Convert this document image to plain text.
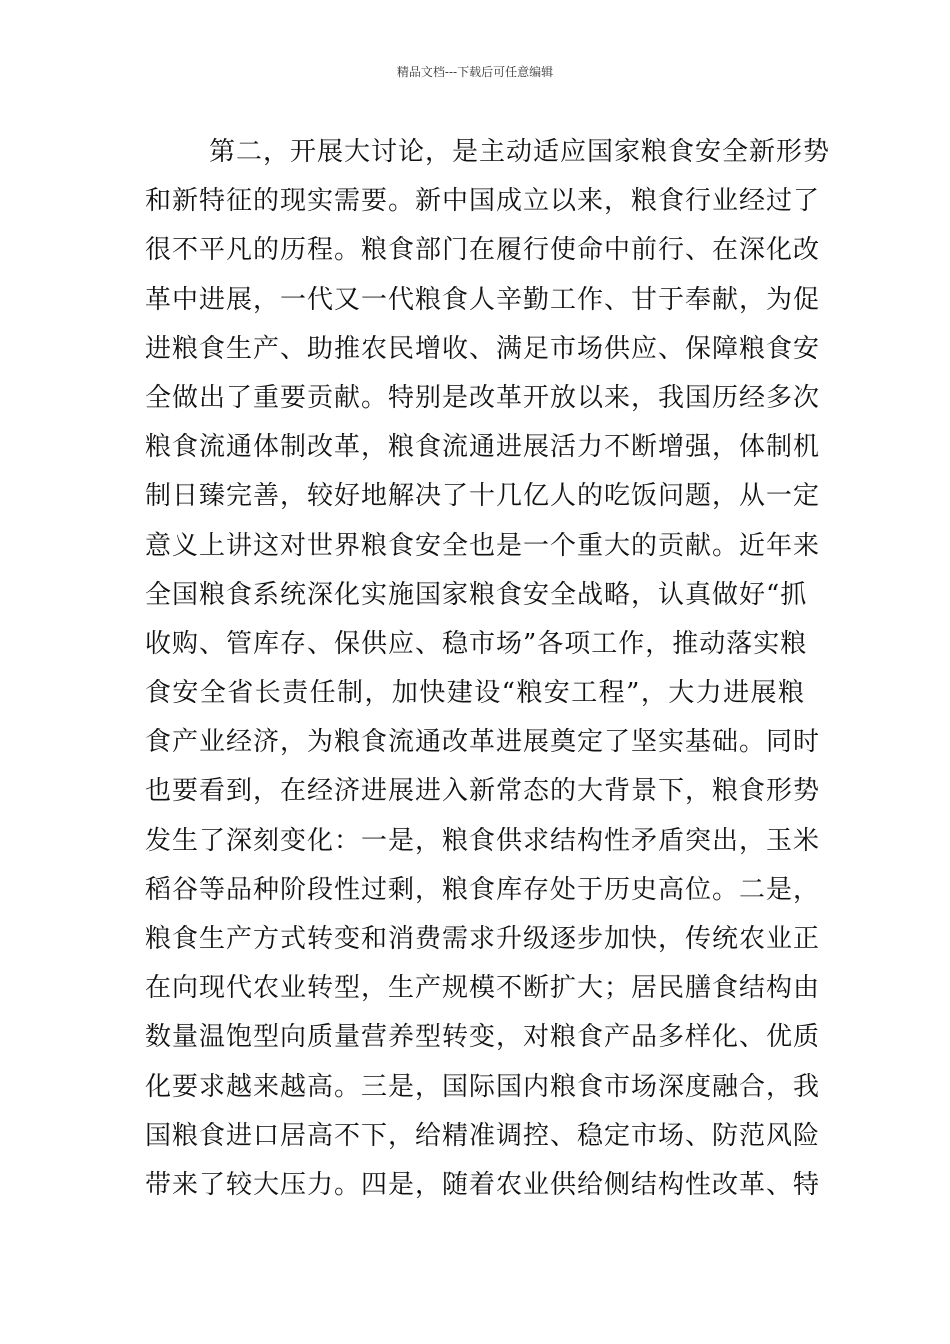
精品文档---下载后可任意编辑
第二，开展大讨论，是主动适应国家粮食安全新形势
和新特征的现实需要。新中国成立以来，粮食行业经过了
很不平凡的历程。粮食部门在履行使命中前行、在深化改
革中进展，一代又一代粮食人辛勤工作、甘于奉献，为促
进粮食生产、助推农民增收、满足市场供应、保障粮食安
全做出了重要贡献。特别是改革开放以来，我国历经多次
粮食流通体制改革，粮食流通进展活力不断增强，体制机
制日臻完善，较好地解决了十几亿人的吃饭问题，从一定
意义上讲这对世界粮食安全也是一个重大的贡献。近年来
全国粮食系统深化实施国家粮食安全战略，认真做好“抓
收购、管库存、保供应、稳市场”各项工作，推动落实粮
食安全省长责任制，加快建设“粮安工程”，大力进展粮
食产业经济，为粮食流通改革进展奠定了坚实基础。同时
也要看到，在经济进展进入新常态的大背景下，粮食形势
发生了深刻变化：一是，粮食供求结构性矛盾突出，玉米
稻谷等品种阶段性过剩，粮食库存处于历史高位。二是，
粮食生产方式转变和消费需求升级逐步加快，传统农业正
在向现代农业转型，生产规模不断扩大；居民膳食结构由
数量温饱型向质量营养型转变，对粮食产品多样化、优质
化要求越来越高。三是，国际国内粮食市场深度融合，我
国粮食进口居高不下，给精准调控、稳定市场、防范风险
带来了较大压力。四是，随着农业供给侧结构性改革、特
